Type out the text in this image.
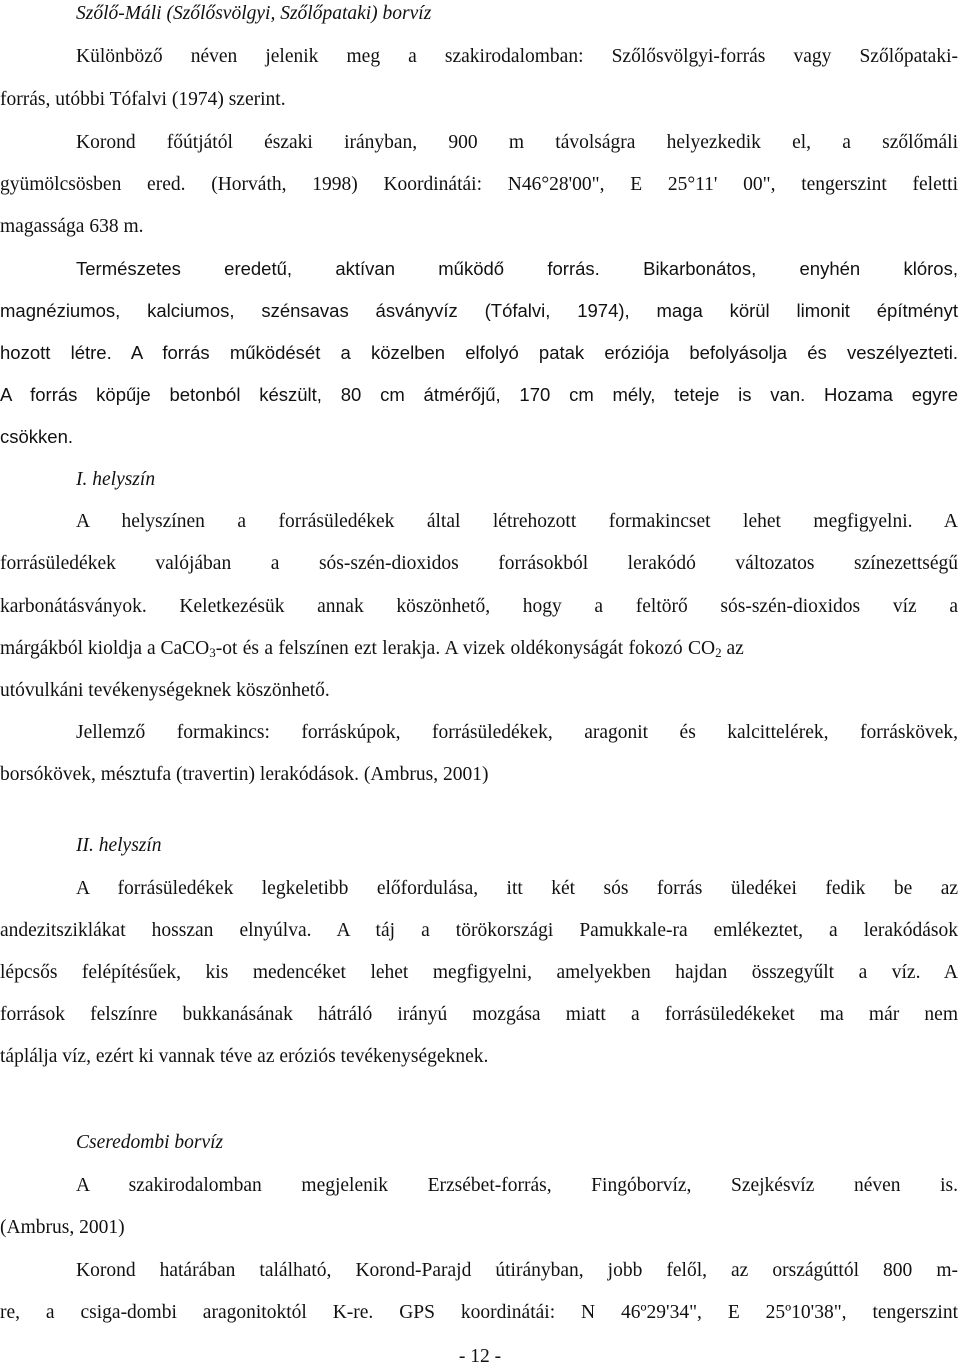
Szőlő-Máli (Szőlősvölgyi, Szőlőpataki) borvíz
Különböző néven jelenik meg a szakirodalomban: Szőlősvölgyi-forrás vagy Szőlőpataki-
forrás, utóbbi Tófalvi (1974) szerint.
Korond főútjától északi irányban, 900 m távolságra helyezkedik el, a szőlőmáli
gyümölcsösben ered. (Horváth, 1998) Koordinátái: N46°28'00", E 25°11' 00", tengerszint feletti
magassága 638 m.
Természetes eredetű, aktívan működő forrás. Bikarbonátos, enyhén klóros,
magnéziumos, kalciumos, szénsavas ásványvíz (Tófalvi, 1974), maga körül limonit építményt
hozott létre. A forrás működését a közelben elfolyó patak eróziója befolyásolja és veszélyezteti.
A forrás köpűje betonból készült, 80 cm átmérőjű, 170 cm mély, teteje is van. Hozama egyre
csökken.
I. helyszín
A helyszínen a forrásüledékek által létrehozott formakincset lehet megfigyelni. A
forrásüledékek valójában a sós-szén-dioxidos forrásokból lerakódó változatos színezettségű
karbonátásványok. Keletkezésük annak köszönhető, hogy a feltörő sós-szén-dioxidos víz a
márgákból kioldja a CaCO$_3$-ot és a felszínen ezt lerakja. A vizek oldékonyságát fokozó $CO_2$ az
utóvulkáni tevékenységeknek köszönhető.
Jellemző formakincs: forráskúpok, forrásüledékek, aragonit és kalcittelérek, forráskövek,
borsókövek, mésztufa (travertin) lerakódások. (Ambrus, 2001)
II. helyszín
A forrásüledékek legkeletibb előfordulása, itt két sós forrás üledékei fedik be az
andezitsziklákat hosszan elnyúlva. A táj a törökországi Pamukkale-ra emlékeztet, a lerakódások
lépcsős felépítésűek, kis medencéket lehet megfigyelni, amelyekben hajdan összegyűlt a víz. A
források felszínre bukkanásának hátráló irányú mozgása miatt a forrásüledékeket ma már nem
táplálja víz, ezért ki vannak téve az eróziós tevékenységeknek.
Cseredombi borvíz
A szakirodalomban megjelenik Erzsébet-forrás, Fingóborvíz, Szejkésvíz néven is.
(Ambrus, 2001)
Korond határában található, Korond-Parajd útirányban, jobb felől, az országúttól 800 m-
re, a csiga-dombi aragonitoktól K-re. GPS koordinátái: N 46º29'34", E 25º10'38", tengerszint
- 12 -
